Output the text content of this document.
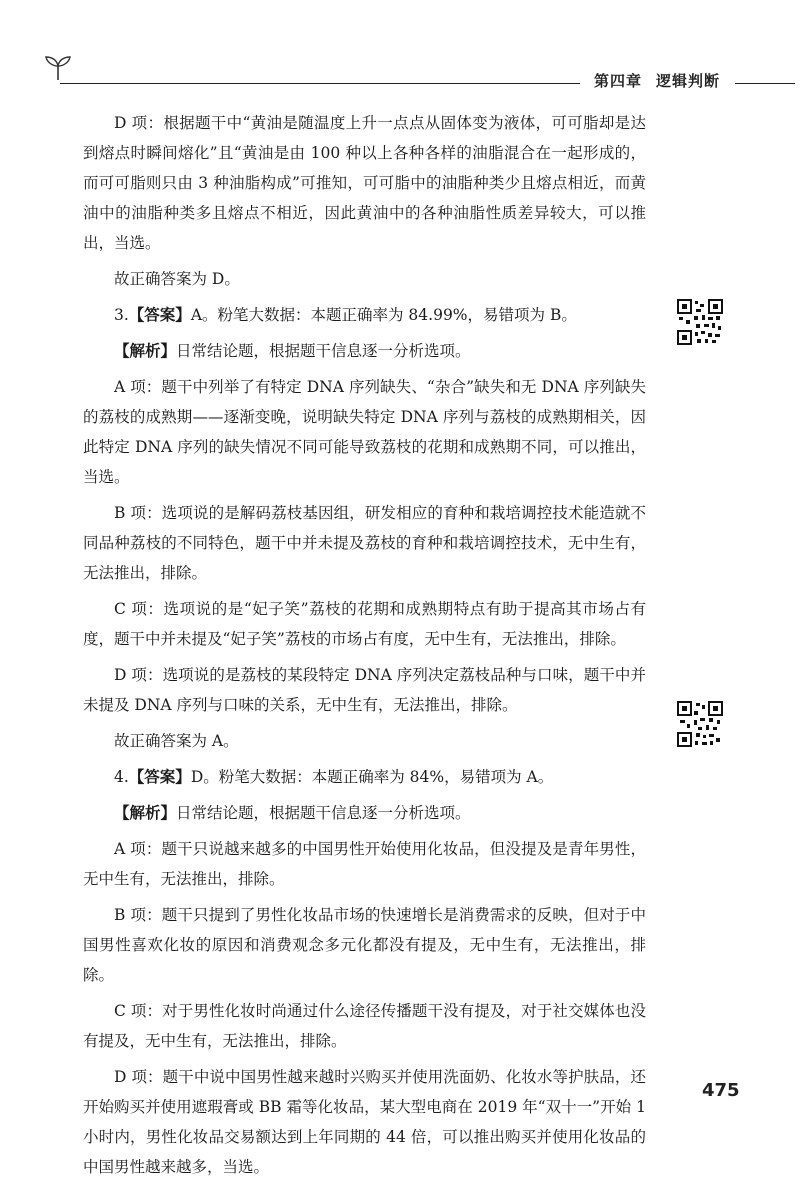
第四章 逻辑判断

D 项：根据题干中“黄油是随温度上升一点点从固体变为液体，可可脂却是达到熔点时瞬间熔化”且“黄油是由 100 种以上各种各样的油脂混合在一起形成的，而可可脂则只由 3 种油脂构成”可推知，可可脂中的油脂种类少且熔点相近，而黄油中的油脂种类多且熔点不相近，因此黄油中的各种油脂性质差异较大，可以推出，当选。

故正确答案为 D。

3.【答案】A。粉笔大数据：本题正确率为 84.99%，易错项为 B。

【解析】日常结论题，根据题干信息逐一分析选项。

A 项：题干中列举了有特定 DNA 序列缺失、“杂合”缺失和无 DNA 序列缺失的荔枝的成熟期——逐渐变晚，说明缺失特定 DNA 序列与荔枝的成熟期相关，因此特定 DNA 序列的缺失情况不同可能导致荔枝的花期和成熟期不同，可以推出，当选。

B 项：选项说的是解码荔枝基因组，研发相应的育种和栽培调控技术能造就不同品种荔枝的不同特色，题干中并未提及荔枝的育种和栽培调控技术，无中生有，无法推出，排除。

C 项：选项说的是“妃子笑”荔枝的花期和成熟期特点有助于提高其市场占有度，题干中并未提及“妃子笑”荔枝的市场占有度，无中生有，无法推出，排除。

D 项：选项说的是荔枝的某段特定 DNA 序列决定荔枝品种与口味，题干中并未提及 DNA 序列与口味的关系，无中生有，无法推出，排除。

故正确答案为 A。

4.【答案】D。粉笔大数据：本题正确率为 84%，易错项为 A。

【解析】日常结论题，根据题干信息逐一分析选项。

A 项：题干只说越来越多的中国男性开始使用化妆品，但没提及是青年男性，无中生有，无法推出，排除。

B 项：题干只提到了男性化妆品市场的快速增长是消费需求的反映，但对于中国男性喜欢化妆的原因和消费观念多元化都没有提及，无中生有，无法推出，排除。

C 项：对于男性化妆时尚通过什么途径传播题干没有提及，对于社交媒体也没有提及，无中生有，无法推出，排除。

D 项：题干中说中国男性越来越时兴购买并使用洗面奶、化妆水等护肤品，还开始购买并使用遮瑕膏或 BB 霜等化妆品，某大型电商在 2019 年“双十一”开始 1 小时内，男性化妆品交易额达到上年同期的 44 倍，可以推出购买并使用化妆品的中国男性越来越多，当选。

475
